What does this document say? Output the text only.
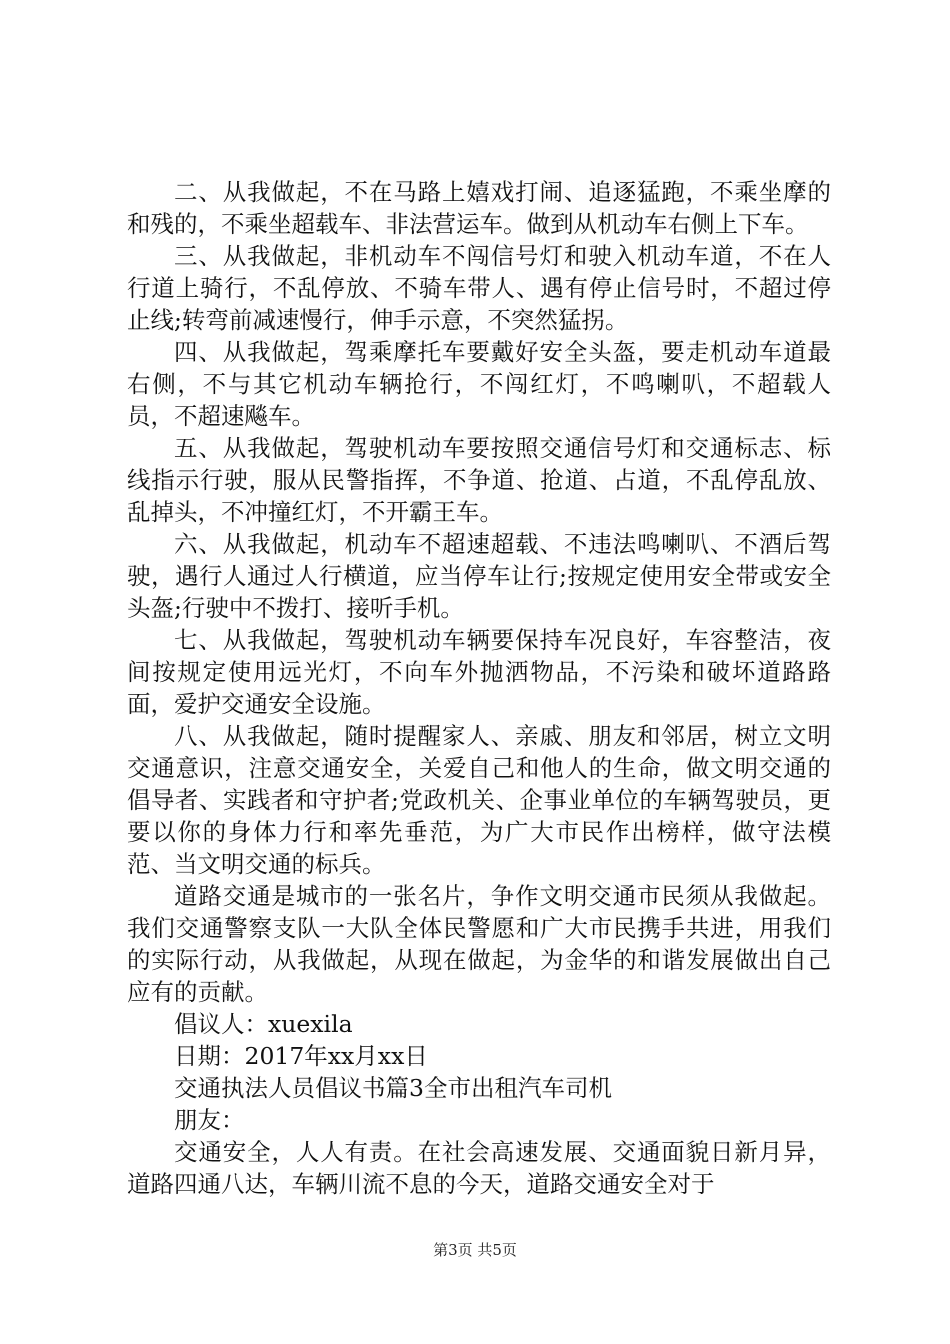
二、从我做起，不在马路上嬉戏打闹、追逐猛跑，不乘坐摩的和残的，不乘坐超载车、非法营运车。做到从机动车右侧上下车。

三、从我做起，非机动车不闯信号灯和驶入机动车道，不在人行道上骑行，不乱停放、不骑车带人、遇有停止信号时，不超过停止线;转弯前减速慢行，伸手示意，不突然猛拐。

四、从我做起，驾乘摩托车要戴好安全头盔，要走机动车道最右侧，不与其它机动车辆抢行，不闯红灯，不鸣喇叭，不超载人员，不超速飚车。

五、从我做起，驾驶机动车要按照交通信号灯和交通标志、标线指示行驶，服从民警指挥，不争道、抢道、占道，不乱停乱放、乱掉头，不冲撞红灯，不开霸王车。

六、从我做起，机动车不超速超载、不违法鸣喇叭、不酒后驾驶，遇行人通过人行横道，应当停车让行;按规定使用安全带或安全头盔;行驶中不拨打、接听手机。

七、从我做起，驾驶机动车辆要保持车况良好，车容整洁，夜间按规定使用远光灯，不向车外抛洒物品，不污染和破坏道路路面，爱护交通安全设施。

八、从我做起，随时提醒家人、亲戚、朋友和邻居，树立文明交通意识，注意交通安全，关爱自己和他人的生命，做文明交通的倡导者、实践者和守护者;党政机关、企事业单位的车辆驾驶员，更要以你的身体力行和率先垂范，为广大市民作出榜样，做守法模范、当文明交通的标兵。

道路交通是城市的一张名片，争作文明交通市民须从我做起。我们交通警察支队一大队全体民警愿和广大市民携手共进，用我们的实际行动，从我做起，从现在做起，为金华的和谐发展做出自己应有的贡献。

倡议人：xuexila

日期：2017年xx月xx日

交通执法人员倡议书篇3全市出租汽车司机

朋友：

交通安全，人人有责。在社会高速发展、交通面貌日新月异，道路四通八达，车辆川流不息的今天，道路交通安全对于

第3页 共5页
